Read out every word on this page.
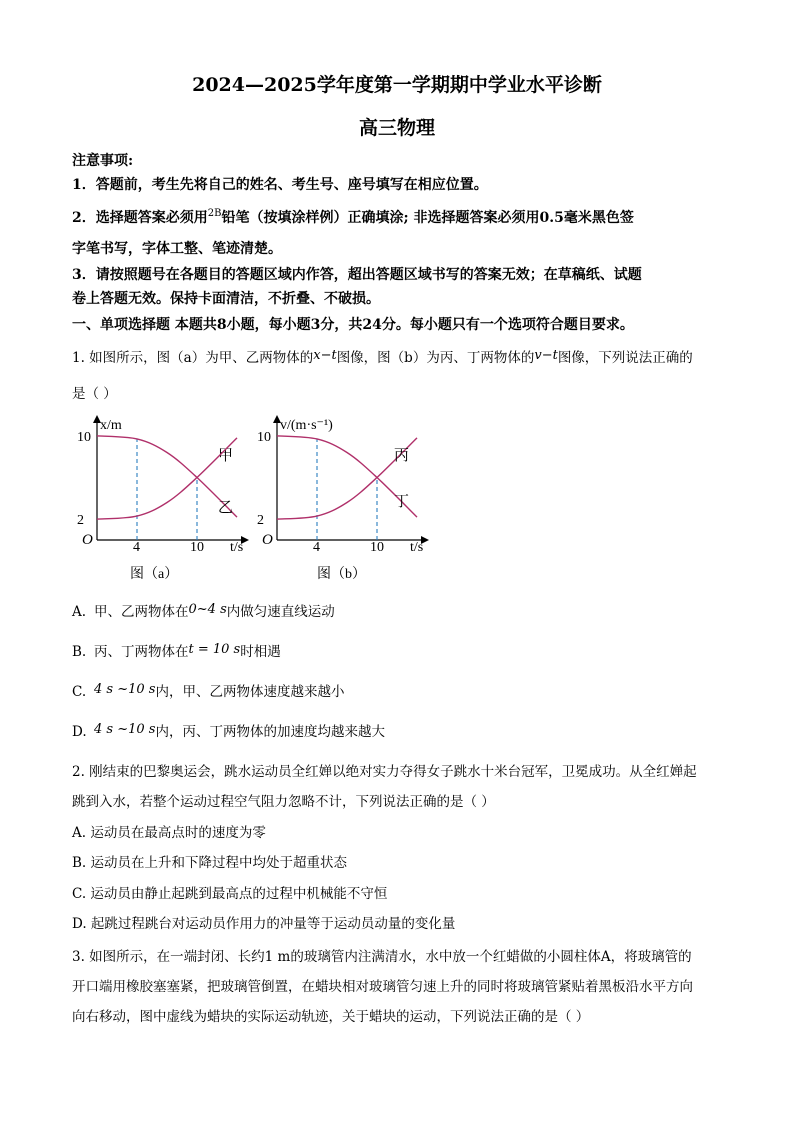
2024—2025学年度第一学期期中学业水平诊断
高三物理
注意事项:
1．答题前，考生先将自己的姓名、考生号、座号填写在相应位置。
2．选择题答案必须用$^{2B}$铅笔（按填涂样例）正确填涂; 非选择题答案必须用0.5毫米黑色签
字笔书写，字体工整、笔迹清楚。
3．请按照题号在各题目的答题区域内作答，超出答题区域书写的答案无效；在草稿纸、试题
卷上答题无效。保持卡面清洁，不折叠、不破损。
一、单项选择题 本题共8小题，每小题3分，共24分。每小题只有一个选项符合题目要求。
1. 如图所示，图（a）为甲、乙两物体的x−t图像，图（b）为丙、丁两物体的v−t图像，下列说法正确的
是（ ）
O	t/s
x/m
2
10
4	10
甲
乙
图（a）
O	t/s
v/(m·s⁻¹)
2
10
4	10
丙
丁
图（b）
A. 甲、乙两物体在0~4 s内做匀速直线运动
B. 丙、丁两物体在t = 10 s时相遇
C. 4 s ~10 s内，甲、乙两物体速度越来越小
D. 4 s ~10 s内，丙、丁两物体的加速度均越来越大
2. 刚结束的巴黎奥运会，跳水运动员全红婵以绝对实力夺得女子跳水十米台冠军，卫冕成功。从全红婵起
跳到入水，若整个运动过程空气阻力忽略不计，下列说法正确的是（ ）
A. 运动员在最高点时的速度为零
B. 运动员在上升和下降过程中均处于超重状态
C. 运动员由静止起跳到最高点的过程中机械能不守恒
D. 起跳过程跳台对运动员作用力的冲量等于运动员动量的变化量
3. 如图所示，在一端封闭、长约1 m的玻璃管内注满清水，水中放一个红蜡做的小圆柱体A，将玻璃管的
开口端用橡胶塞塞紧，把玻璃管倒置，在蜡块相对玻璃管匀速上升的同时将玻璃管紧贴着黑板沿水平方向
向右移动，图中虚线为蜡块的实际运动轨迹，关于蜡块的运动，下列说法正确的是（ ）
